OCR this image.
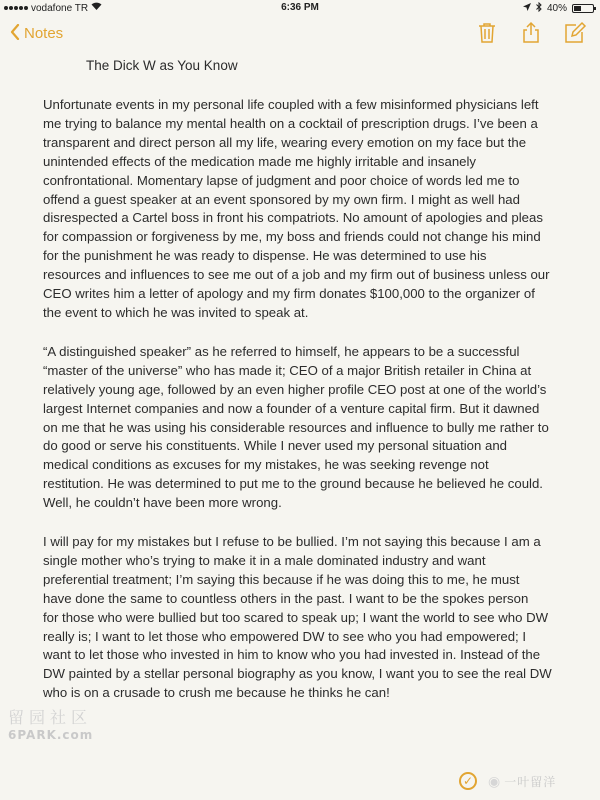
vodafone TR	6:36 PM	40%
Notes
The Dick W as You Know

Unfortunate events in my personal life coupled with a few misinformed physicians left
me trying to balance my mental health on a cocktail of prescription drugs. I’ve been a
transparent and direct person all my life, wearing every emotion on my face but the
unintended effects of the medication made me highly irritable and insanely
confrontational. Momentary lapse of judgment and poor choice of words led me to
offend a guest speaker at an event sponsored by my own firm. I might as well had
disrespected a Cartel boss in front his compatriots. No amount of apologies and pleas
for compassion or forgiveness by me, my boss and friends could not change his mind
for the punishment he was ready to dispense. He was determined to use his
resources and influences to see me out of a job and my firm out of business unless our
CEO writes him a letter of apology and my firm donates $100,000 to the organizer of
the event to which he was invited to speak at.

“A distinguished speaker” as he referred to himself, he appears to be a successful
“master of the universe” who has made it; CEO of a major British retailer in China at
relatively young age, followed by an even higher profile CEO post at one of the world’s
largest Internet companies and now a founder of a venture capital firm. But it dawned
on me that he was using his considerable resources and influence to bully me rather to
do good or serve his constituents. While I never used my personal situation and
medical conditions as excuses for my mistakes, he was seeking revenge not
restitution. He was determined to put me to the ground because he believed he could.
Well, he couldn’t have been more wrong.

I will pay for my mistakes but I refuse to be bullied. I’m not saying this because I am a
single mother who’s trying to make it in a male dominated industry and want
preferential treatment; I’m saying this because if he was doing this to me, he must
have done the same to countless others in the past. I want to be the spokes person
for those who were bullied but too scared to speak up; I want the world to see who DW
really is; I want to let those who empowered DW to see who you had empowered; I
want to let those who invested in him to know who you had invested in. Instead of the
DW painted by a stellar personal biography as you know, I want you to see the real DW
who is on a crusade to crush me because he thinks he can!

留园社区
6PARK.com
✓ ◉ 一叶留洋
